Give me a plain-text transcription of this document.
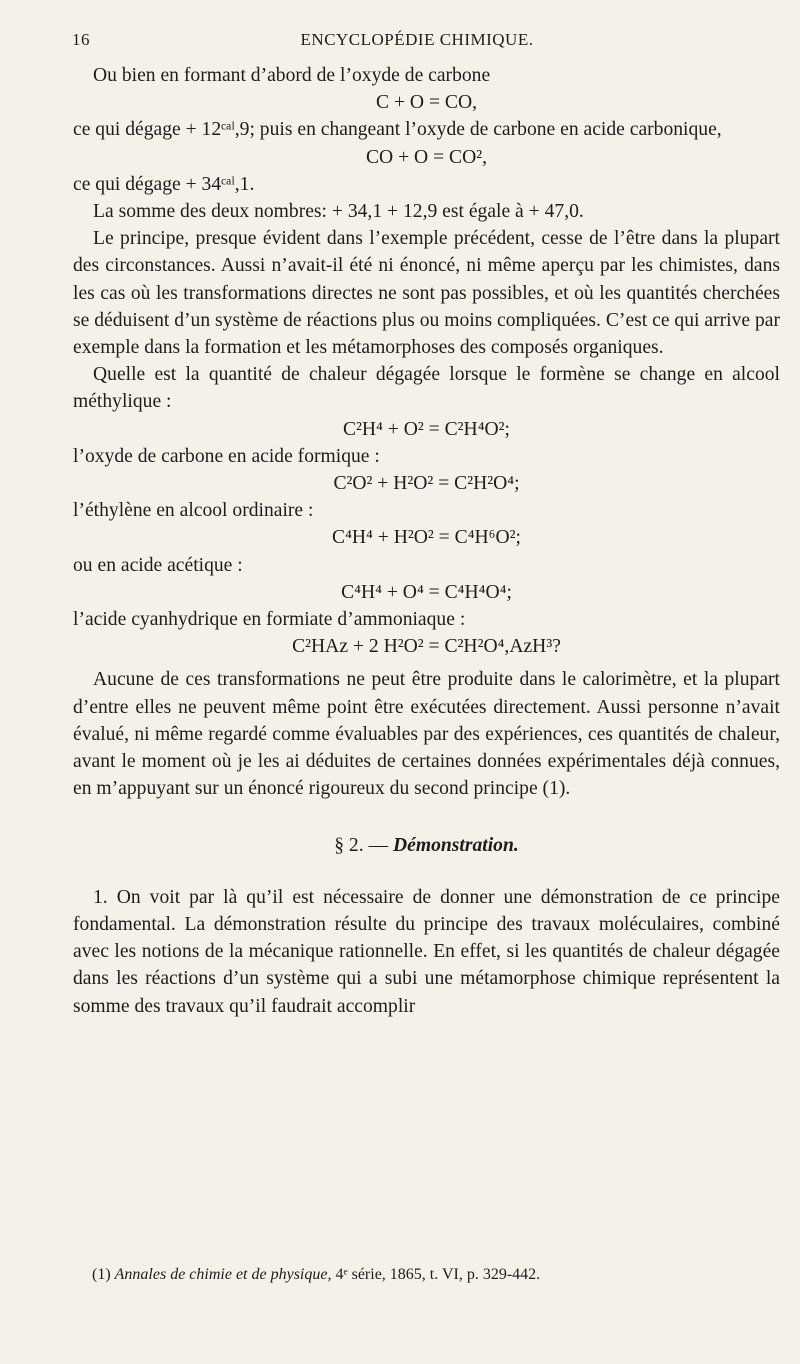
16	ENCYCLOPÉDIE CHIMIQUE.

Ou bien en formant d’abord de l’oxyde de carbone

C + O = CO,

ce qui dégage + 12ᶜᵃˡ,9; puis en changeant l’oxyde de carbone en acide carbonique,

CO + O = CO²,

ce qui dégage + 34ᶜᵃˡ,1.

La somme des deux nombres: + 34,1 + 12,9 est égale à + 47,0.

Le principe, presque évident dans l’exemple précédent, cesse de l’être dans la plupart des circonstances. Aussi n’avait-il été ni énoncé, ni même aperçu par les chimistes, dans les cas où les transformations directes ne sont pas possibles, et où les quantités cherchées se déduisent d’un système de réactions plus ou moins compliquées. C’est ce qui arrive par exemple dans la formation et les métamorphoses des composés organiques.

Quelle est la quantité de chaleur dégagée lorsque le formène se change en alcool méthylique :

C²H⁴ + O² = C²H⁴O²;

l’oxyde de carbone en acide formique :

C²O² + H²O² = C²H²O⁴;

l’éthylène en alcool ordinaire :

C⁴H⁴ + H²O² = C⁴H⁶O²;

ou en acide acétique :

C⁴H⁴ + O⁴ = C⁴H⁴O⁴;

l’acide cyanhydrique en formiate d’ammoniaque :

C²HAz + 2 H²O² = C²H²O⁴,AzH³?

Aucune de ces transformations ne peut être produite dans le calorimètre, et la plupart d’entre elles ne peuvent même point être exécutées directement. Aussi personne n’avait évalué, ni même regardé comme évaluables par des expériences, ces quantités de chaleur, avant le moment où je les ai déduites de certaines données expérimentales déjà connues, en m’appuyant sur un énoncé rigoureux du second principe (1).

§ 2. — Démonstration.

1. On voit par là qu’il est nécessaire de donner une démonstration de ce principe fondamental. La démonstration résulte du principe des travaux moléculaires, combiné avec les notions de la mécanique rationnelle. En effet, si les quantités de chaleur dégagée dans les réactions d’un système qui a subi une métamorphose chimique représentent la somme des travaux qu’il faudrait accomplir

(1) Annales de chimie et de physique, 4ᵉ série, 1865, t. VI, p. 329-442.
